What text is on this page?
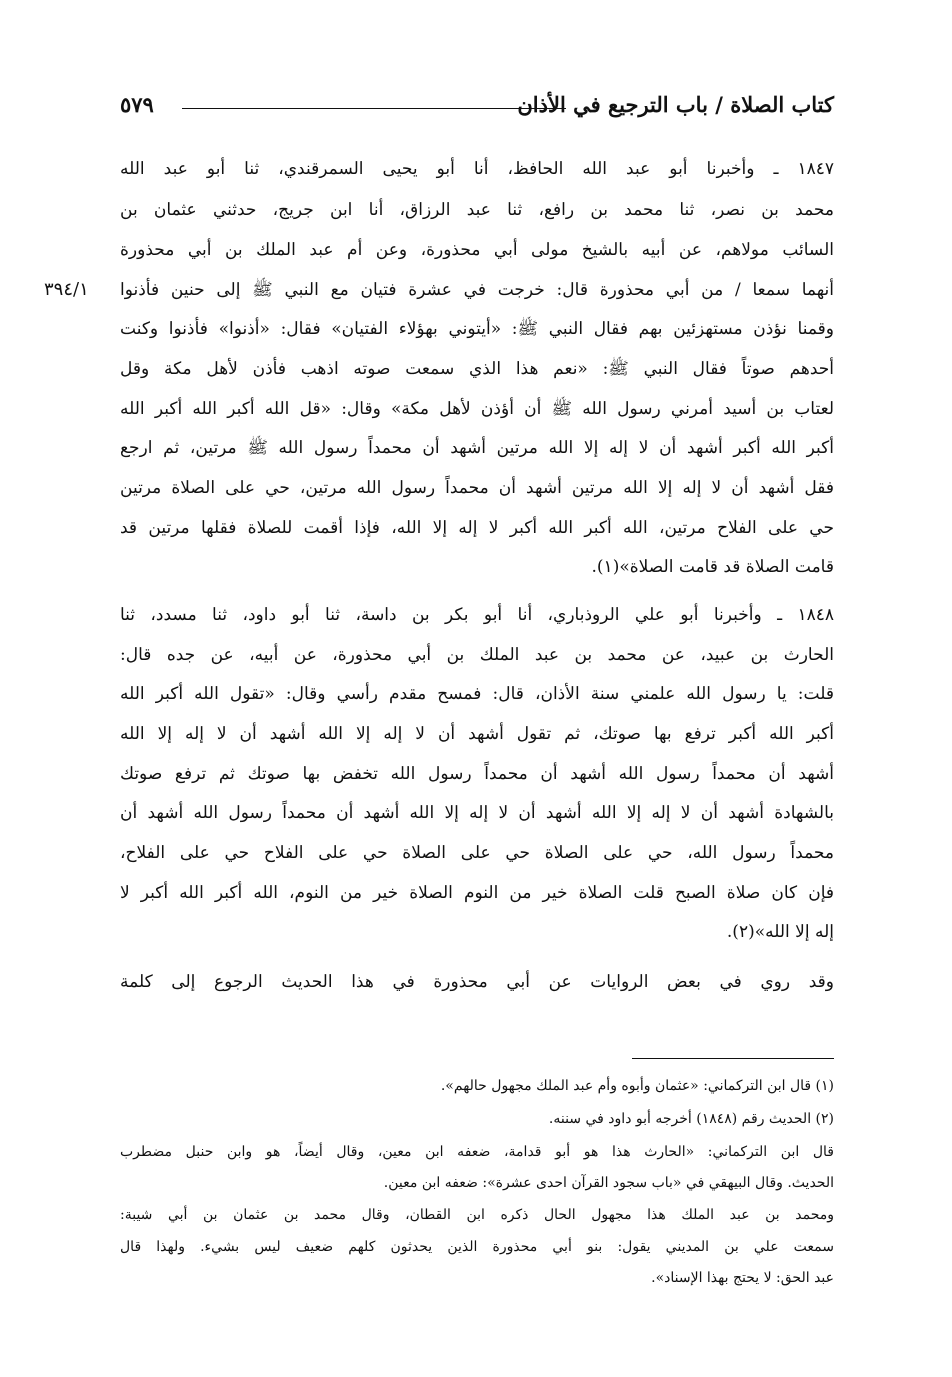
كتاب الصلاة / باب الترجيع في الأذان
٥٧٩
٣٩٤/١
١٨٤٧ ـ وأخبرنا أبو عبد الله الحافظ، أنا أبو يحيى السمرقندي، ثنا أبو عبد الله
محمد بن نصر، ثنا محمد بن رافع، ثنا عبد الرزاق، أنا ابن جريج، حدثني عثمان بن
السائب مولاهم، عن أبيه بالشيخ مولى أبي محذورة، وعن أم عبد الملك بن أبي محذورة
أنهما سمعا / من أبي محذورة قال: خرجت في عشرة فتيان مع النبي ﷺ إلى حنين فأذنوا
وقمنا نؤذن مستهزئين بهم فقال النبي ﷺ: «أيتوني بهؤلاء الفتيان» فقال: «أذنوا» فأذنوا وكنت
أحدهم صوتاً فقال النبي ﷺ: «نعم هذا الذي سمعت صوته اذهب فأذن لأهل مكة وقل
لعتاب بن أسيد أمرني رسول الله ﷺ أن أؤذن لأهل مكة» وقال: «قل الله أكبر الله أكبر الله
أكبر الله أكبر أشهد أن لا إله إلا الله مرتين أشهد أن محمداً رسول الله ﷺ مرتين، ثم ارجع
فقل أشهد أن لا إله إلا الله مرتين أشهد أن محمداً رسول الله مرتين، حي على الصلاة مرتين
حي على الفلاح مرتين، الله أكبر الله أكبر لا إله إلا الله، فإذا أقمت للصلاة فقلها مرتين قد
قامت الصلاة قد قامت الصلاة»(١).
١٨٤٨ ـ وأخبرنا أبو علي الروذباري، أنا أبو بكر بن داسة، ثنا أبو داود، ثنا مسدد، ثنا
الحارث بن عبيد، عن محمد بن عبد الملك بن أبي محذورة، عن أبيه، عن جده قال:
قلت: يا رسول الله علمني سنة الأذان، قال: فمسح مقدم رأسي وقال: «تقول الله أكبر الله
أكبر الله أكبر ترفع بها صوتك، ثم تقول أشهد أن لا إله إلا الله أشهد أن لا إله إلا الله
أشهد أن محمداً رسول الله أشهد أن محمداً رسول الله تخفض بها صوتك ثم ترفع صوتك
بالشهادة أشهد أن لا إله إلا الله أشهد أن لا إله إلا الله أشهد أن محمداً رسول الله أشهد أن
محمداً رسول الله، حي على الصلاة حي على الصلاة حي على الفلاح حي على الفلاح،
فإن كان صلاة الصبح قلت الصلاة خير من النوم الصلاة خير من النوم، الله أكبر الله أكبر لا
إله إلا الله»(٢).
وقد روي في بعض الروايات عن أبي محذورة في هذا الحديث الرجوع إلى كلمة
(١) قال ابن التركماني: «عثمان وأبوه وأم عبد الملك مجهول حالهم».
(٢) الحديث رقم (١٨٤٨) أخرجه أبو داود في سننه.
قال ابن التركماني: «الحارث هذا هو أبو قدامة، ضعفه ابن معين، وقال أيضاً، هو وابن حنبل مضطرب
الحديث. وقال البيهقي في «باب سجود القرآن احدى عشرة»: ضعفه ابن معين.
ومحمد بن عبد الملك هذا مجهول الحال ذكره ابن القطان، وقال محمد بن عثمان بن أبي شيبة:
سمعت علي بن المديني يقول: بنو أبي محذورة الذين يحدثون كلهم ضعيف ليس بشيء. ولهذا قال
عبد الحق: لا يحتج بهذا الإسناد».
